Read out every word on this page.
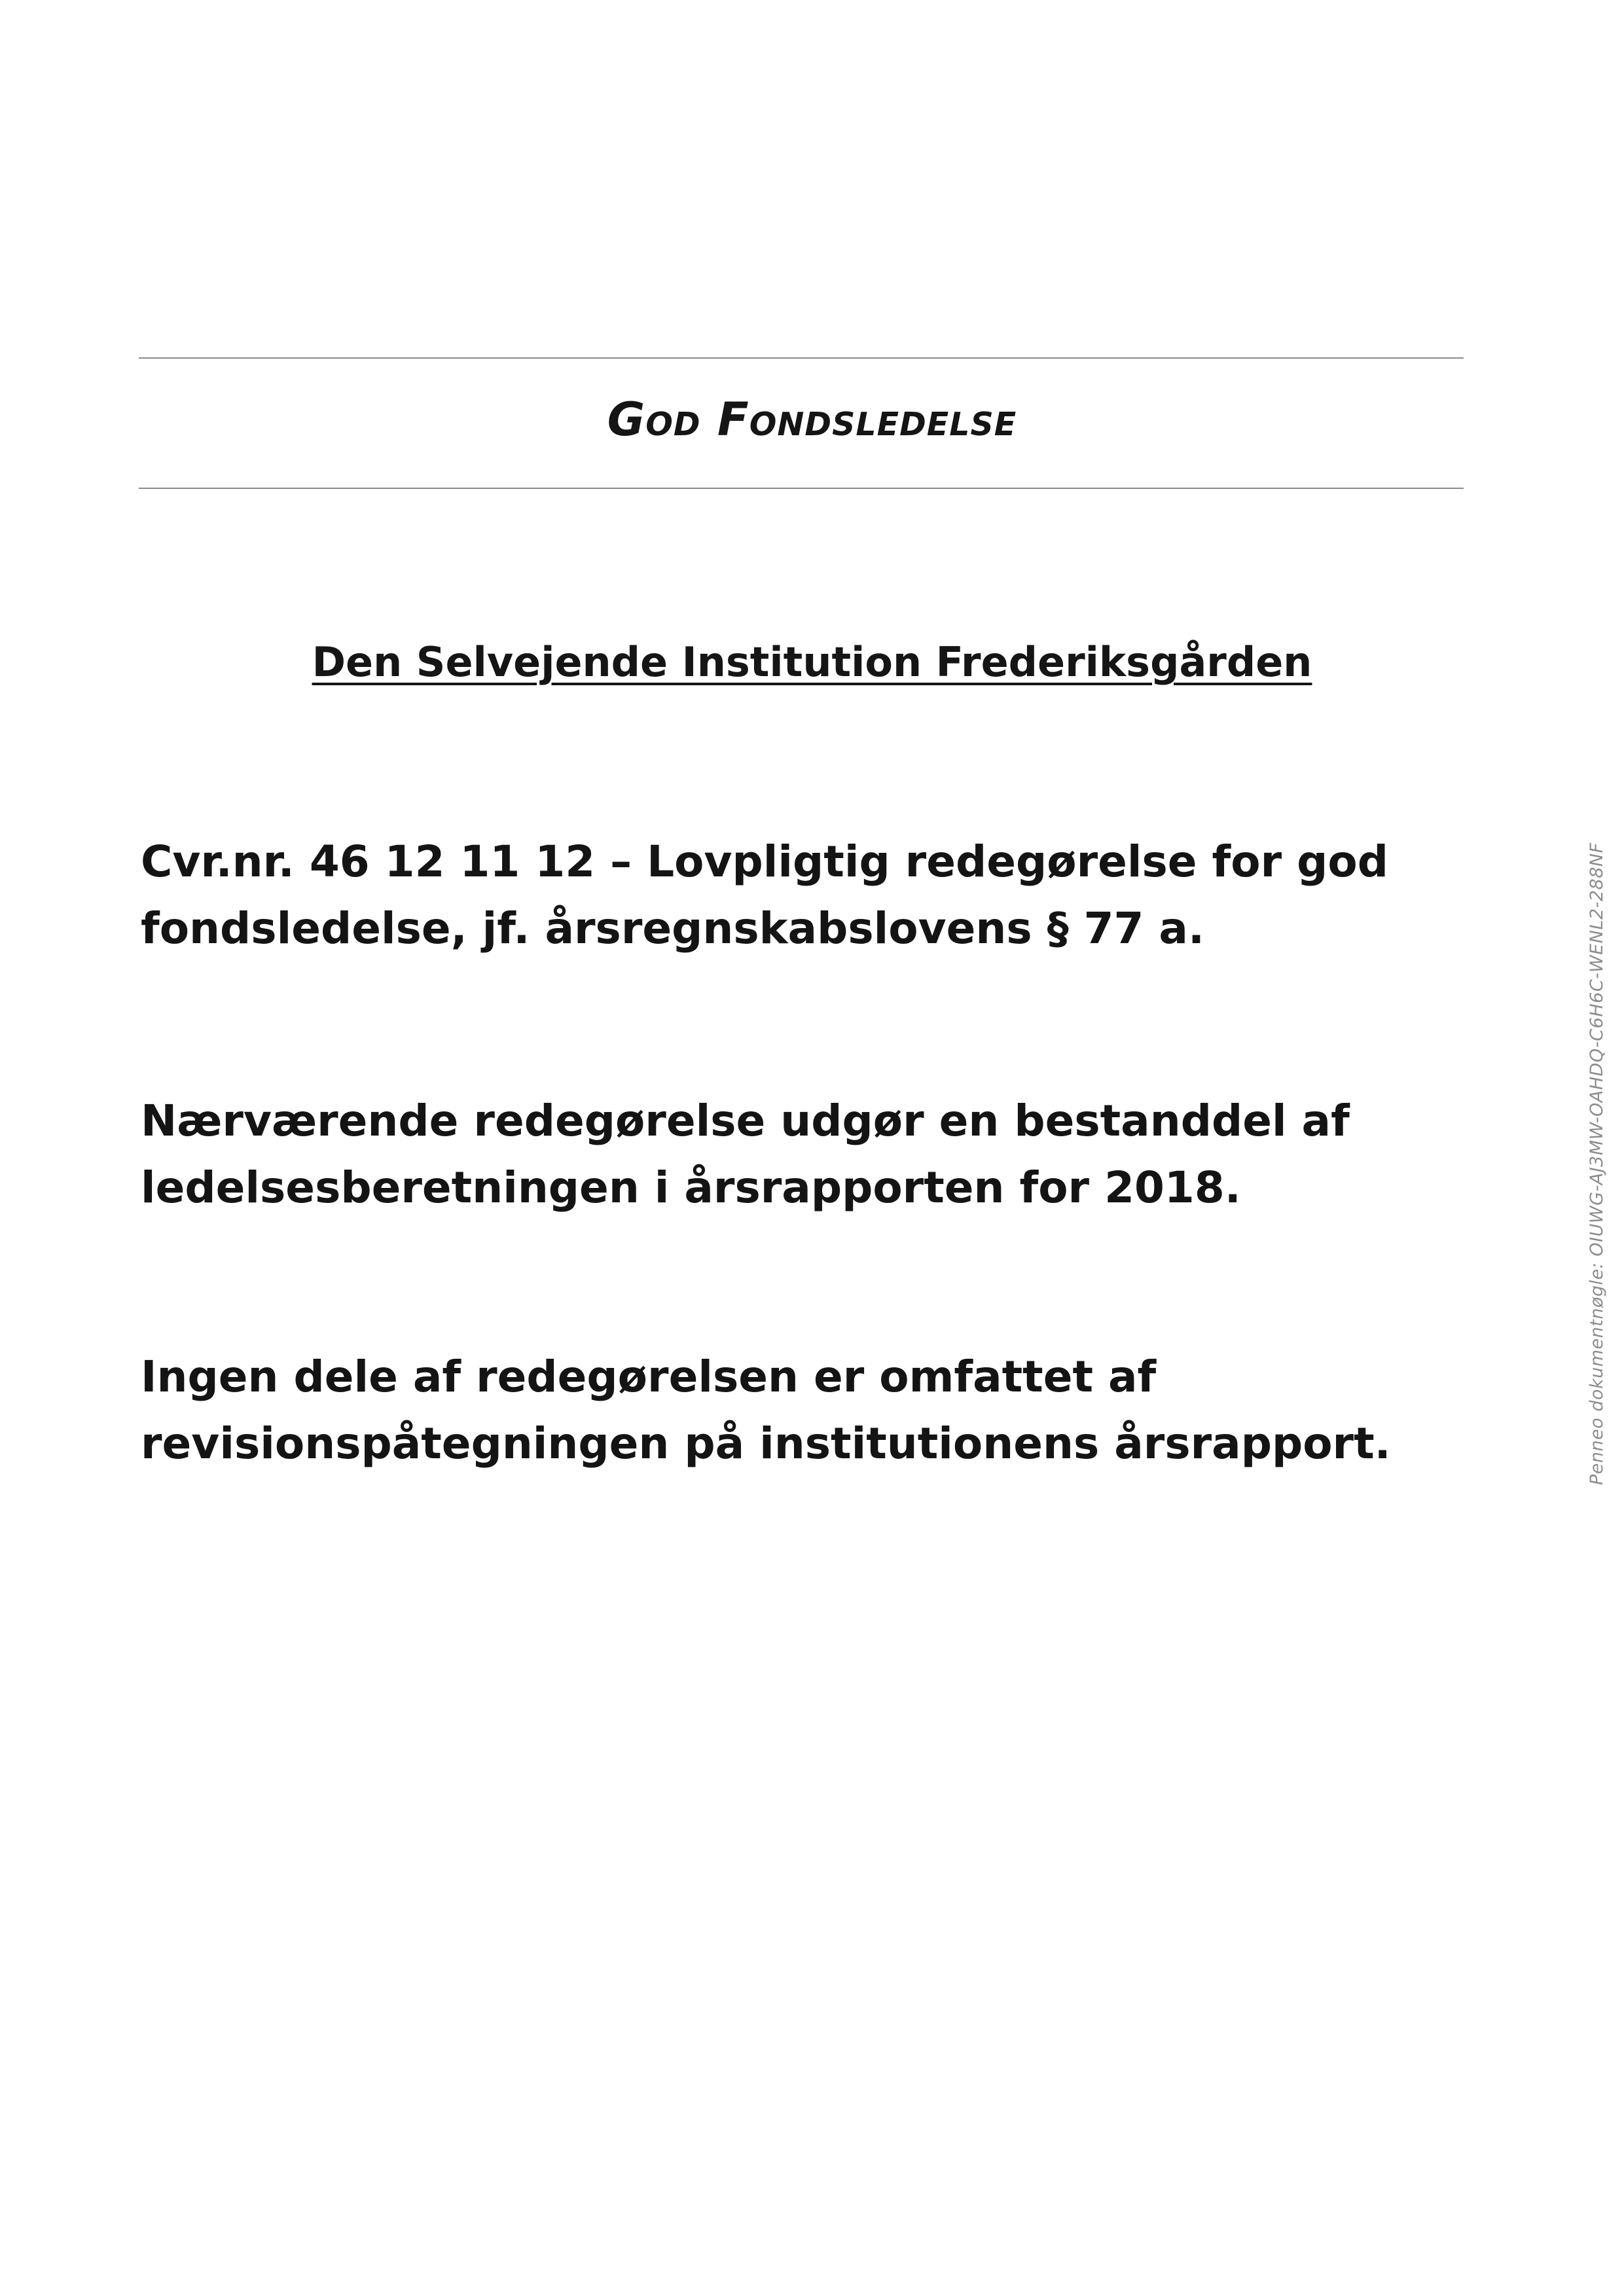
God Fondsledelse
Den Selvejende Institution Frederiksgården

Cvr.nr. 46 12 11 12 – Lovpligtig redegørelse for god fondsledelse, jf. årsregnskabslovens § 77 a.

Nærværende redegørelse udgør en bestanddel af ledelsesberetningen i årsrapporten for 2018.

Ingen dele af redegørelsen er omfattet af revisionspåtegningen på institutionens årsrapport.	Penneo dokumentnøgle: OIUWG-AJ3MW-OAHDQ-C6H6C-WENL2-288NF
